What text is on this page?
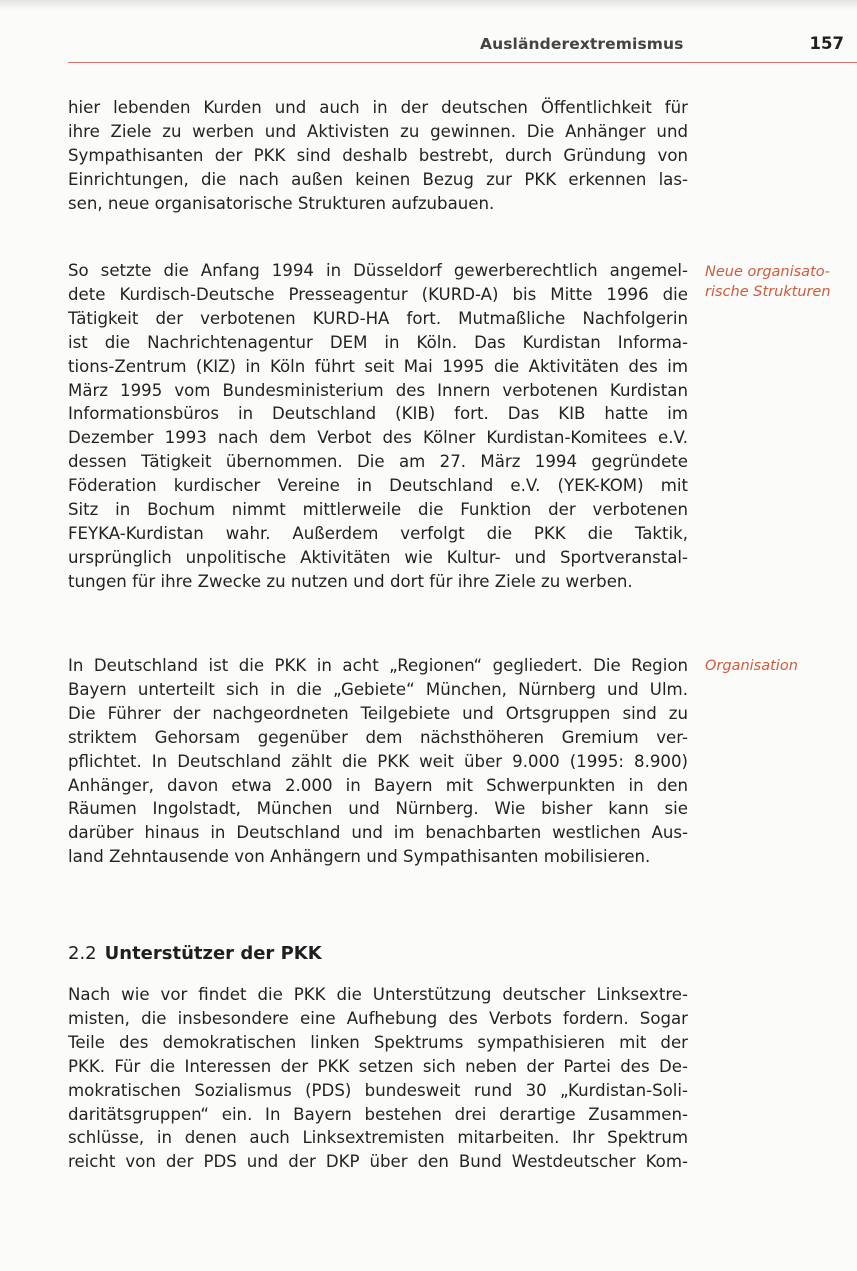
Ausländerextremismus	157
hier lebenden Kurden und auch in der deutschen Öffentlichkeit für
ihre Ziele zu werben und Aktivisten zu gewinnen. Die Anhänger und
Sympathisanten der PKK sind deshalb bestrebt, durch Gründung von
Einrichtungen, die nach außen keinen Bezug zur PKK erkennen las-
sen, neue organisatorische Strukturen aufzubauen.
So setzte die Anfang 1994 in Düsseldorf gewerberechtlich angemel-
dete Kurdisch-Deutsche Presseagentur (KURD-A) bis Mitte 1996 die
Tätigkeit der verbotenen KURD-HA fort. Mutmaßliche Nachfolgerin
ist die Nachrichtenagentur DEM in Köln. Das Kurdistan Informa-
tions-Zentrum (KIZ) in Köln führt seit Mai 1995 die Aktivitäten des im
März 1995 vom Bundesministerium des Innern verbotenen Kurdistan
Informationsbüros in Deutschland (KIB) fort. Das KIB hatte im
Dezember 1993 nach dem Verbot des Kölner Kurdistan-Komitees e.V.
dessen Tätigkeit übernommen. Die am 27. März 1994 gegründete
Föderation kurdischer Vereine in Deutschland e.V. (YEK-KOM) mit
Sitz in Bochum nimmt mittlerweile die Funktion der verbotenen
FEYKA-Kurdistan wahr. Außerdem verfolgt die PKK die Taktik,
ursprünglich unpolitische Aktivitäten wie Kultur- und Sportveranstal-
tungen für ihre Zwecke zu nutzen und dort für ihre Ziele zu werben.
In Deutschland ist die PKK in acht „Regionen“ gegliedert. Die Region
Bayern unterteilt sich in die „Gebiete“ München, Nürnberg und Ulm.
Die Führer der nachgeordneten Teilgebiete und Ortsgruppen sind zu
striktem Gehorsam gegenüber dem nächsthöheren Gremium ver-
pflichtet. In Deutschland zählt die PKK weit über 9.000 (1995: 8.900)
Anhänger, davon etwa 2.000 in Bayern mit Schwerpunkten in den
Räumen Ingolstadt, München und Nürnberg. Wie bisher kann sie
darüber hinaus in Deutschland und im benachbarten westlichen Aus-
land Zehntausende von Anhängern und Sympathisanten mobilisieren.
Neue organisato-
rische Strukturen
Organisation
2.2 Unterstützer der PKK
Nach wie vor findet die PKK die Unterstützung deutscher Linksextre-
misten, die insbesondere eine Aufhebung des Verbots fordern. Sogar
Teile des demokratischen linken Spektrums sympathisieren mit der
PKK. Für die Interessen der PKK setzen sich neben der Partei des De-
mokratischen Sozialismus (PDS) bundesweit rund 30 „Kurdistan-Soli-
daritätsgruppen“ ein. In Bayern bestehen drei derartige Zusammen-
schlüsse, in denen auch Linksextremisten mitarbeiten. Ihr Spektrum
reicht von der PDS und der DKP über den Bund Westdeutscher Kom-
